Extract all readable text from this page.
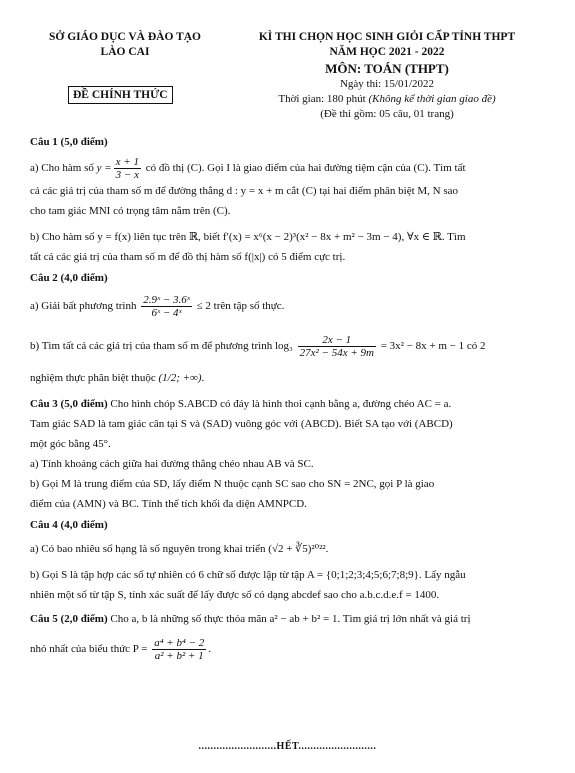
SỞ GIÁO DỤC VÀ ĐÀO TẠO
LÀO CAI
KÌ THI CHỌN HỌC SINH GIỎI CẤP TỈNH THPT
NĂM HỌC 2021 - 2022
MÔN: TOÁN (THPT)
Ngày thi: 15/01/2022
Thời gian: 180 phút (Không kể thời gian giao đề)
(Đề thi gồm: 05 câu, 01 trang)
ĐỀ CHÍNH THỨC
Câu 1 (5,0 điểm)

a) Cho hàm số $y = \frac{x + 1}{3 - x}$ có đồ thị (C). Gọi I là giao điểm của hai đường tiệm cận của (C). Tìm tất

cả các giá trị của tham số m để đường thẳng d : y = x + m cắt (C) tại hai điểm phân biệt M, N sao

cho tam giác MNI có trọng tâm nằm trên (C).

b) Cho hàm số y = f(x) liên tục trên ℝ, biết f′(x) = x⁶(x − 2)³(x² − 8x + m² − 3m − 4), ∀x ∈ ℝ. Tìm

tất cả các giá trị của tham số m để đồ thị hàm số f(|x|) có 5 điểm cực trị.

Câu 2 (4,0 điểm)

a) Giải bất phương trình $\frac{\text{2.9ˣ − 3.6ˣ}}{\text{6ˣ − 4ˣ}} \le 2$ trên tập số thực.

b) Tìm tất cả các giá trị của tham số m để phương trình $\log_3 \frac{2x - 1}{\text{27x² − 54x + 9m}} = 3x^2 - 8x + m - 1$ có 2

nghiệm thực phân biệt thuộc (1/2; +∞).

Câu 3 (5,0 điểm) Cho hình chóp S.ABCD có đáy là hình thoi cạnh bằng a, đường chéo AC = a.

Tam giác SAD là tam giác cân tại S và (SAD) vuông góc với (ABCD). Biết SA tạo với (ABCD)

một góc bằng 45°.

a) Tính khoảng cách giữa hai đường thẳng chéo nhau AB và SC.

b) Gọi M là trung điểm của SD, lấy điểm N thuộc cạnh SC sao cho SN = 2NC, gọi P là giao

điểm của (AMN) và BC. Tính thể tích khối đa diện AMNPCD.

Câu 4 (4,0 điểm)

a) Có bao nhiêu số hạng là số nguyên trong khai triển (√2 + ∛5)²⁰²².

b) Gọi S là tập hợp các số tự nhiên có 6 chữ số được lập từ tập A = {0;1;2;3;4;5;6;7;8;9}. Lấy ngẫu

nhiên một số từ tập S, tính xác suất để lấy được số có dạng abcdef sao cho a.b.c.d.e.f = 1400.

Câu 5 (2,0 điểm) Cho a, b là những số thực thỏa mãn a² − ab + b² = 1. Tìm giá trị lớn nhất và giá trị

nhỏ nhất của biểu thức $P = \frac{\text{a⁴ + b⁴ − 2}}{\text{a² + b² + 1}}$ .

..........................HẾT..........................
